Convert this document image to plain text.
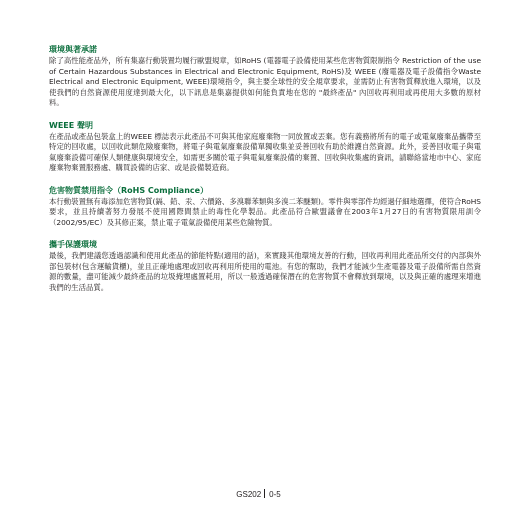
環境與著承諾

除了高性能產品外，所有集嘉行動裝置均履行歐盟規章，如RoHS (電器電子設備使用某些危害物質限制指令 Restriction of the use of Certain Hazardous Substances in Electrical and Electronic Equipment, RoHS)及 WEEE (廢電器及電子設備指令Waste Electrical and Electronic Equipment, WEEE)環境指令，與主要全球性的安全規章要求，並需防止有害物質釋放進入環境，以及使我們的自然資源使用度達到最大化，以下訊息是集嘉提供如何能負責地在您的 "最終產品" 內回收再利用或再使用大多數的原材料。

WEEE 聲明

在產品或產品包裝盒上的WEEE 標誌表示此產品不可與其他家庭廢棄物一同放置或丟棄。您有義務將所有的電子或電氣廢棄品攜帶至特定的回收處，以回收此類危險廢棄物，將電子與電氣廢棄設備單獨收集並妥善回收有助於維護自然資源。此外，妥善回收電子與電氣廢棄設備可確保人類健康與環境安全，如需更多關於電子與電氣廢棄設備的棄置、回收與收集處的資訊，請聯絡當地市中心、家庭廢棄物棄置服務處、購買設備的店家、或是設備製造商。

危害物質禁用指令（RoHS Compliance）

本行動裝置無有毒添加危害物質(鎘、鉛、汞、六價鉻、多溴聯苯類與多溴二苯醚類)。零件與零部件均經過仔細地選擇，使符合RoHS要求，並且持續著努力發展不使用國際間禁止的毒性化學製品。此產品符合歐盟議會在2003年1月27日的有害物質限用訓令（2002/95/EC）及其修正案，禁止電子電氣設備使用某些危險物質。

攜手保護環境

最後，我們建議您透過認識和使用此產品的節能特點(適用的話)，來實踐其他環境友善的行動，回收再利用此產品所交付的內部與外部包裝材(包含運輸貨櫃)，並且正確地處理或回收再利用所使用的電池。有您的幫助，我們才能減少生產電器及電子設備所需自然資源的數量，盡可能減少最終產品的垃圾掩埋處置耗用，所以一般透過確保潛在的危害物質不會釋放到環境，以及與正確的處理來增進我們的生活品質。

GS202 0-5
